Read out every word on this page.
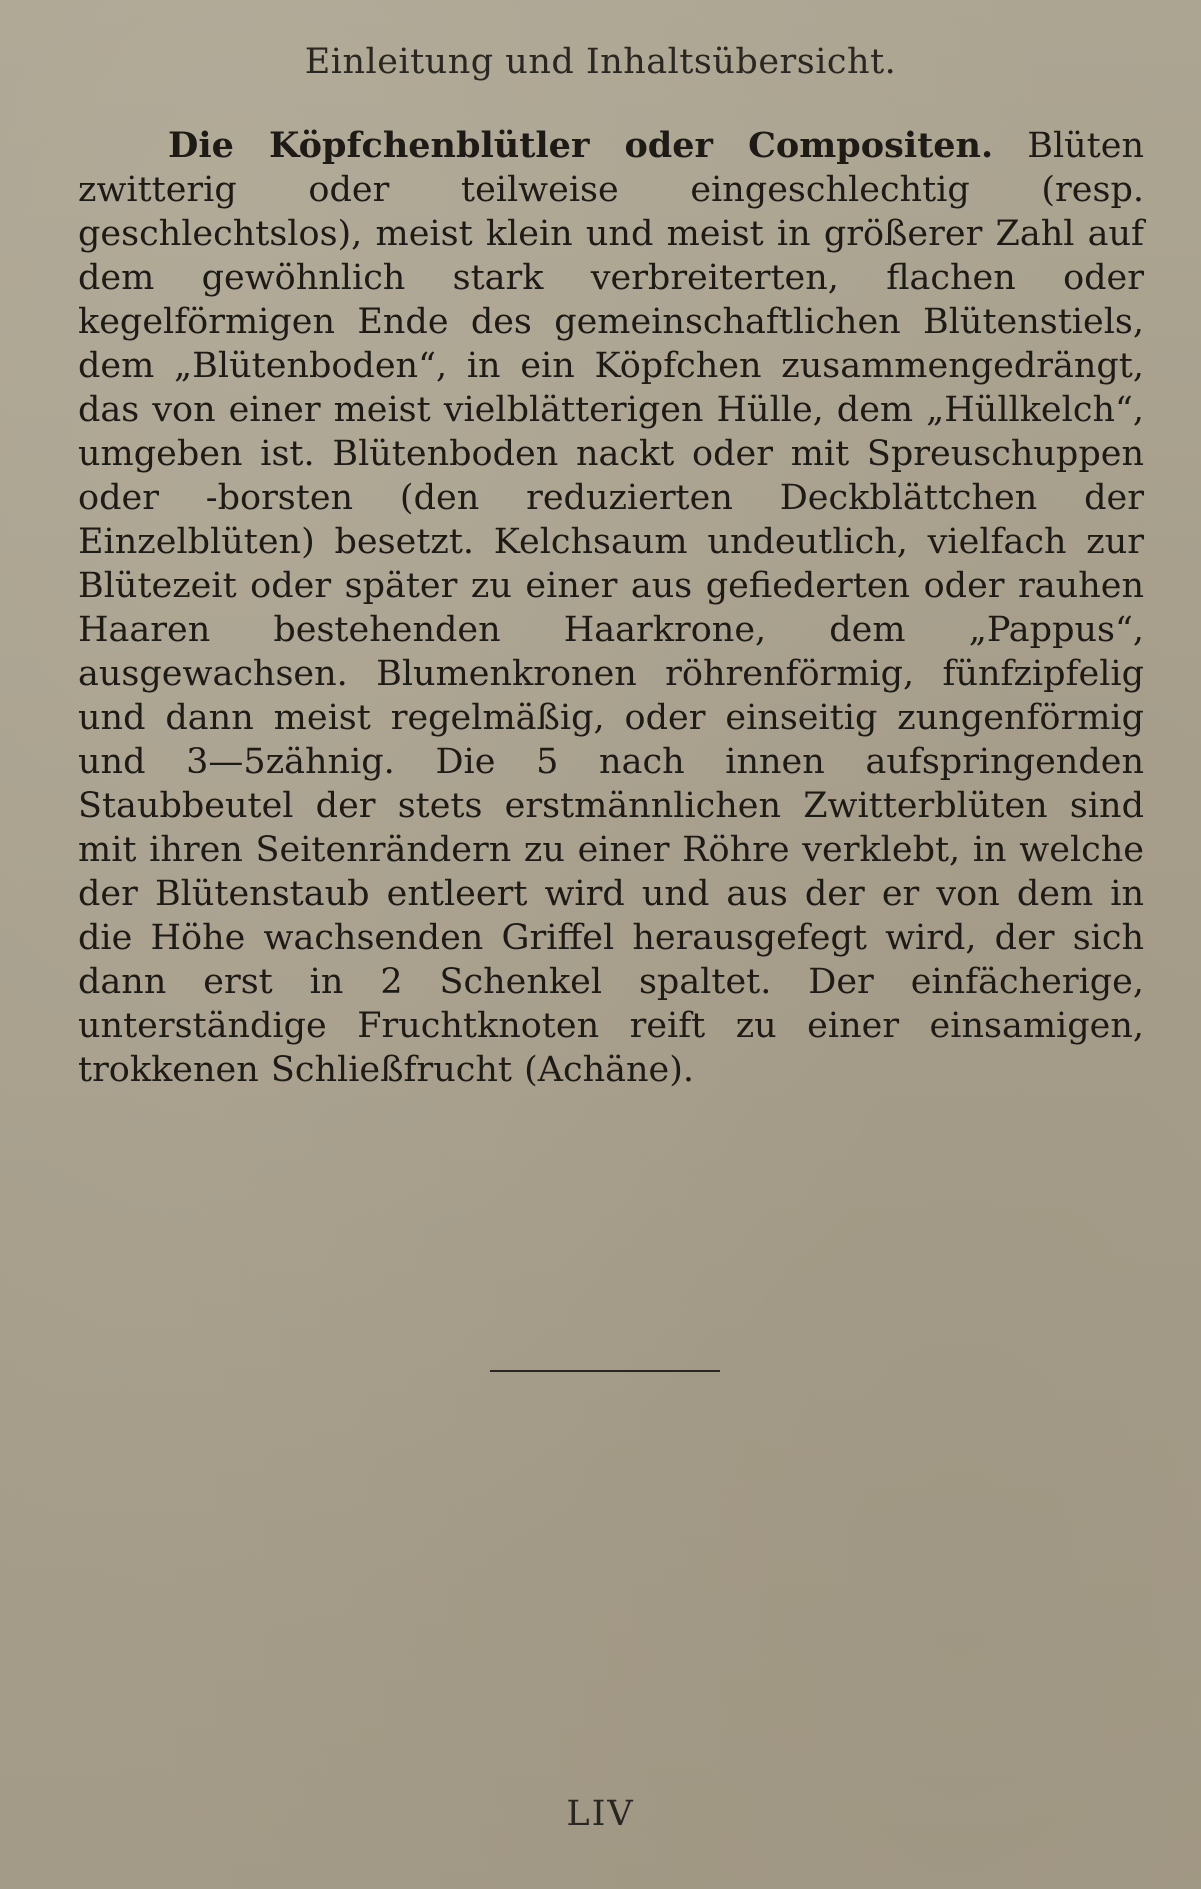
Einleitung und Inhaltsübersicht.
Die Köpfchenblütler oder Compositen. Blüten zwitterig oder teilweise eingeschlechtig (resp. geschlechtslos), meist klein und meist in größerer Zahl auf dem gewöhnlich stark verbreiterten, flachen oder kegelförmigen Ende des gemeinschaftlichen Blütenstiels, dem „Blütenboden“, in ein Köpfchen zusammengedrängt, das von einer meist vielblätterigen Hülle, dem „Hüllkelch“, umgeben ist. Blütenboden nackt oder mit Spreuschuppen oder -borsten (den reduzierten Deckblättchen der Einzelblüten) besetzt. Kelchsaum undeutlich, vielfach zur Blütezeit oder später zu einer aus gefiederten oder rauhen Haaren bestehenden Haarkrone, dem „Pappus“, ausgewachsen. Blumenkronen röhrenförmig, fünfzipfelig und dann meist regelmäßig, oder einseitig zungenförmig und 3—5zähnig. Die 5 nach innen aufspringenden Staubbeutel der stets erstmännlichen Zwitterblüten sind mit ihren Seitenrändern zu einer Röhre verklebt, in welche der Blütenstaub entleert wird und aus der er von dem in die Höhe wachsenden Griffel herausgefegt wird, der sich dann erst in 2 Schenkel spaltet. Der einfächerige, unterständige Fruchtknoten reift zu einer einsamigen, trokkenen Schließfrucht (Achäne).
LIV
